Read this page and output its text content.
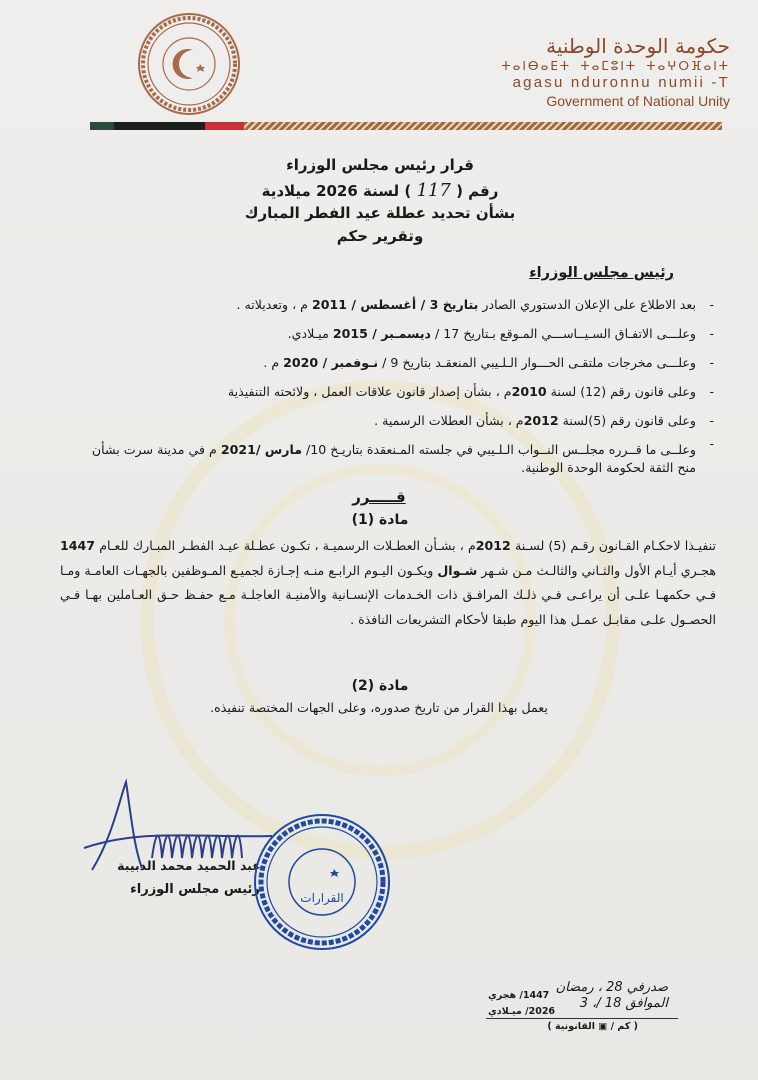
حكومة الوحدة الوطنية
ⵜⴰⵏⴱⴰⴹⵜ ⵜⴰⵎⵓⵏⵜ ⵜⴰⵖⵔⴼⴰⵏⵜ
agasu nduronnu numii -T
Government of National Unity
قرار رئيس مجلس الوزراء
رقم ( 117 ) لسنة 2026 ميلادية
بشأن تحديد عطلة عيد الفطر المبارك
وتقرير حكم
رئيس مجلس الوزراء
- بعد الاطلاع على الإعلان الدستوري الصادر بتاريخ 3 / أغسطس / 2011 م ، وتعديلاته .
- وعلـــى الاتفـاق السـيــاســـي المـوقع بـتاريخ 17 / ديسمـبر / 2015 ميـلادي.
- وعلـــى مخرجات ملتقـى الحـــوار الـلـيبي المنعقـد بتاريخ 9 / نـوفمبر / 2020 م .
- وعلى قانون رقم (12) لسنة 2010م ، بشأن إصدار قانون علاقات العمل ، ولائحته التنفيذية
- وعلى قانون رقم (5)لسنة 2012م ، بشأن العطلات الرسمية .
- وعلــى ما قــرره مجلــس النــواب الـلـيبي في جلسته المـنعقدة بتاريـخ 10/ مارس /2021 م في مدينة سرت بشأن منح الثقة لحكومة الوحدة الوطنية.
قـــــرر
مادة (1)
تنفيـذا لاحكـام القـانون رقـم (5) لسـنة 2012م ، بشـأن العطـلات الرسميـة ، تكـون عطـلة عيـد الفطـر المبـارك للعـام 1447 هجـري أيـام الأول والثـاني والثالـث مـن شـهر شـوال ويكـون اليـوم الرابـع منـه إجـازة لجميـع المـوظفين بالجهـات العامـة ومـا فـي حكمهـا علـى أن يراعـى فـي ذلـك المرافـق ذات الخـدمات الإنسـانية والأمنيـة العاجلـة مـع حفـظ حـق العـاملين بهـا فـي الحصـول علـى مقابـل عمـل هذا اليوم طبقا لأحكام التشريعات النافذة .
مادة (2)
يعمل بهذا القرار من تاريخ صدوره، وعلى الجهات المختصة تنفيذه.
عبد الحميد محمد الدبيبة
رئيس مجلس الوزراء
القرارات
صدرفي 28 ، رمضان
1447/ هجري
الموافق 18 /، 3
2026/ ميـلادي
( كم / ▣ القانونية )
